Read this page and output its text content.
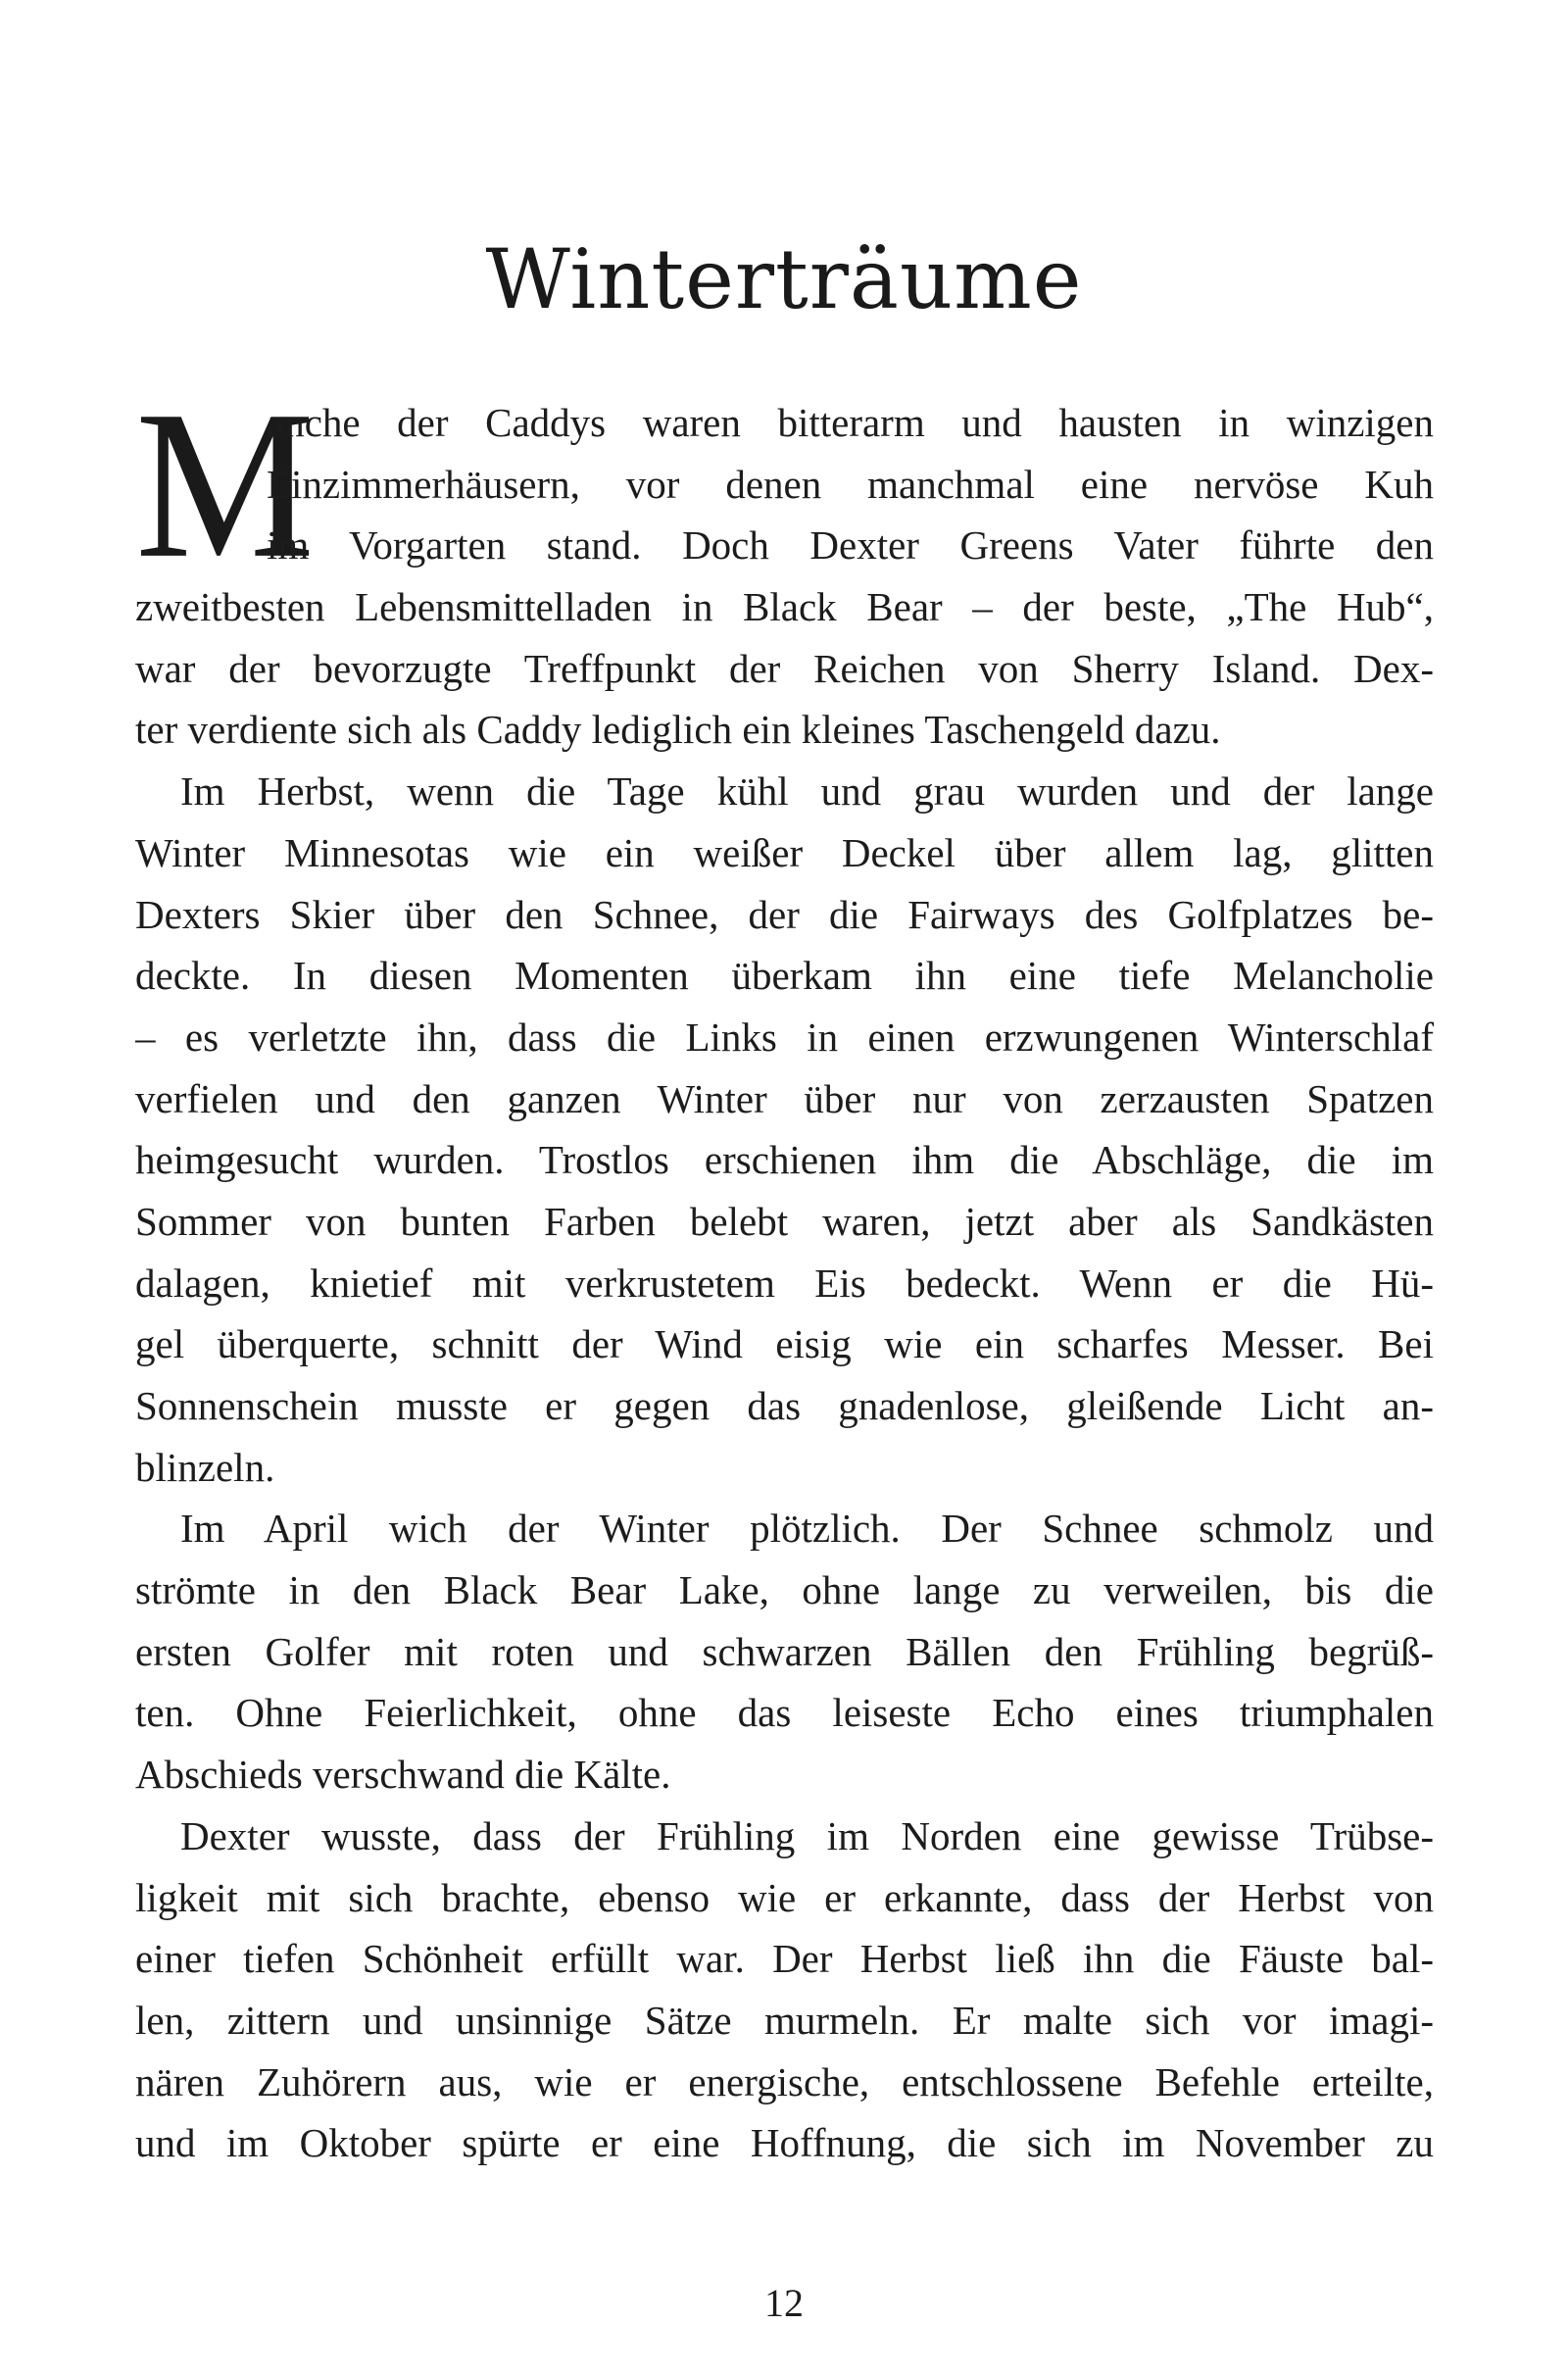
Winterträume
M
anche der Caddys waren bitterarm und hausten in winzigen
Einzimmerhäusern, vor denen manchmal eine nervöse Kuh
im Vorgarten stand. Doch Dexter Greens Vater führte den
zweitbesten Lebensmittelladen in Black Bear – der beste, „The Hub“,
war der bevorzugte Treffpunkt der Reichen von Sherry Island. Dex-
ter verdiente sich als Caddy lediglich ein kleines Taschengeld dazu.
Im Herbst, wenn die Tage kühl und grau wurden und der lange
Winter Minnesotas wie ein weißer Deckel über allem lag, glitten
Dexters Skier über den Schnee, der die Fairways des Golfplatzes be-
deckte. In diesen Momenten überkam ihn eine tiefe Melancholie
– es verletzte ihn, dass die Links in einen erzwungenen Winterschlaf
verfielen und den ganzen Winter über nur von zerzausten Spatzen
heimgesucht wurden. Trostlos erschienen ihm die Abschläge, die im
Sommer von bunten Farben belebt waren, jetzt aber als Sandkästen
dalagen, knietief mit verkrustetem Eis bedeckt. Wenn er die Hü-
gel überquerte, schnitt der Wind eisig wie ein scharfes Messer. Bei
Sonnenschein musste er gegen das gnadenlose, gleißende Licht an-
blinzeln.
Im April wich der Winter plötzlich. Der Schnee schmolz und
strömte in den Black Bear Lake, ohne lange zu verweilen, bis die
ersten Golfer mit roten und schwarzen Bällen den Frühling begrüß-
ten. Ohne Feierlichkeit, ohne das leiseste Echo eines triumphalen
Abschieds verschwand die Kälte.
Dexter wusste, dass der Frühling im Norden eine gewisse Trübse-
ligkeit mit sich brachte, ebenso wie er erkannte, dass der Herbst von
einer tiefen Schönheit erfüllt war. Der Herbst ließ ihn die Fäuste bal-
len, zittern und unsinnige Sätze murmeln. Er malte sich vor imagi-
nären Zuhörern aus, wie er energische, entschlossene Befehle erteilte,
und im Oktober spürte er eine Hoffnung, die sich im November zu
12
